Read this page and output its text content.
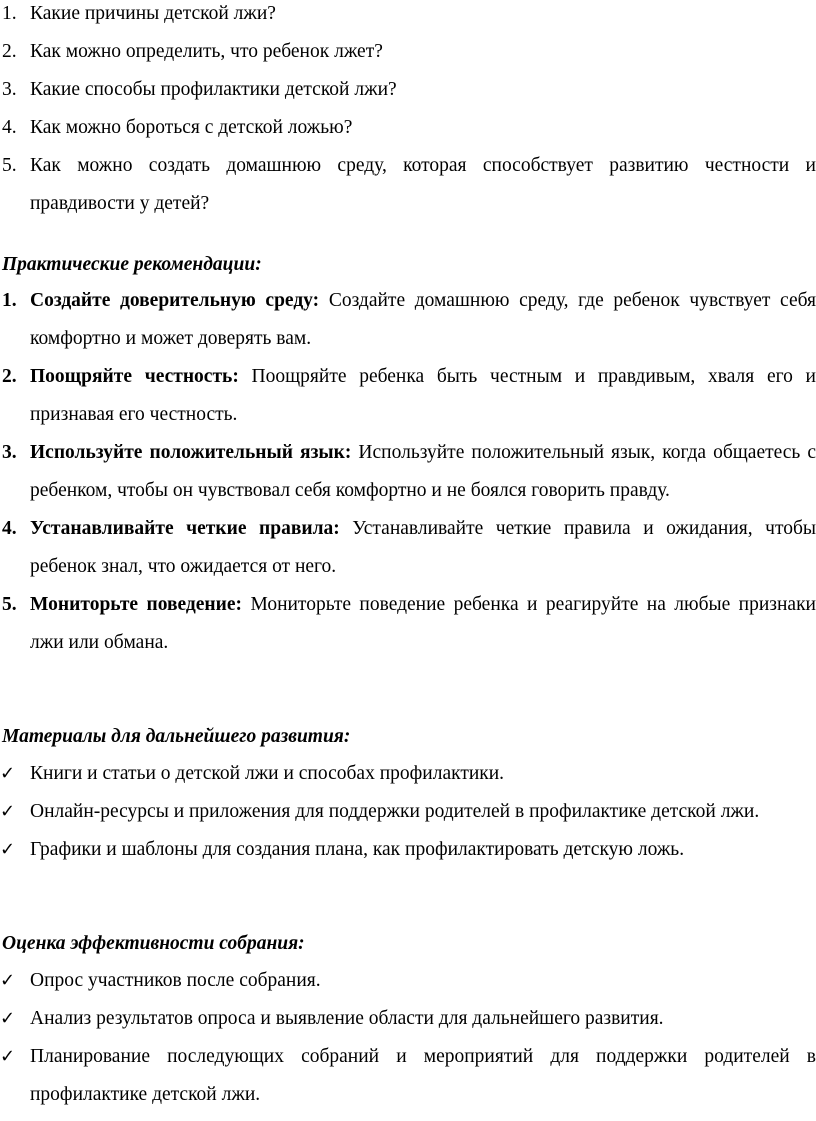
1. Какие причины детской лжи?
2. Как можно определить, что ребенок лжет?
3. Какие способы профилактики детской лжи?
4. Как можно бороться с детской ложью?
5. Как можно создать домашнюю среду, которая способствует развитию честности и правдивости у детей?

Практические рекомендации:

1. Создайте доверительную среду: Создайте домашнюю среду, где ребенок чувствует себя комфортно и может доверять вам.
2. Поощряйте честность: Поощряйте ребенка быть честным и правдивым, хваля его и признавая его честность.
3. Используйте положительный язык: Используйте положительный язык, когда общаетесь с ребенком, чтобы он чувствовал себя комфортно и не боялся говорить правду.
4. Устанавливайте четкие правила: Устанавливайте четкие правила и ожидания, чтобы ребенок знал, что ожидается от него.
5. Мониторьте поведение: Мониторьте поведение ребенка и реагируйте на любые признаки лжи или обмана.

Материалы для дальнейшего развития:

✓ Книги и статьи о детской лжи и способах профилактики.
✓ Онлайн-ресурсы и приложения для поддержки родителей в профилактике детской лжи.
✓ Графики и шаблоны для создания плана, как профилактировать детскую ложь.

Оценка эффективности собрания:

✓ Опрос участников после собрания.
✓ Анализ результатов опроса и выявление области для дальнейшего развития.
✓ Планирование последующих собраний и мероприятий для поддержки родителей в профилактике детской лжи.
